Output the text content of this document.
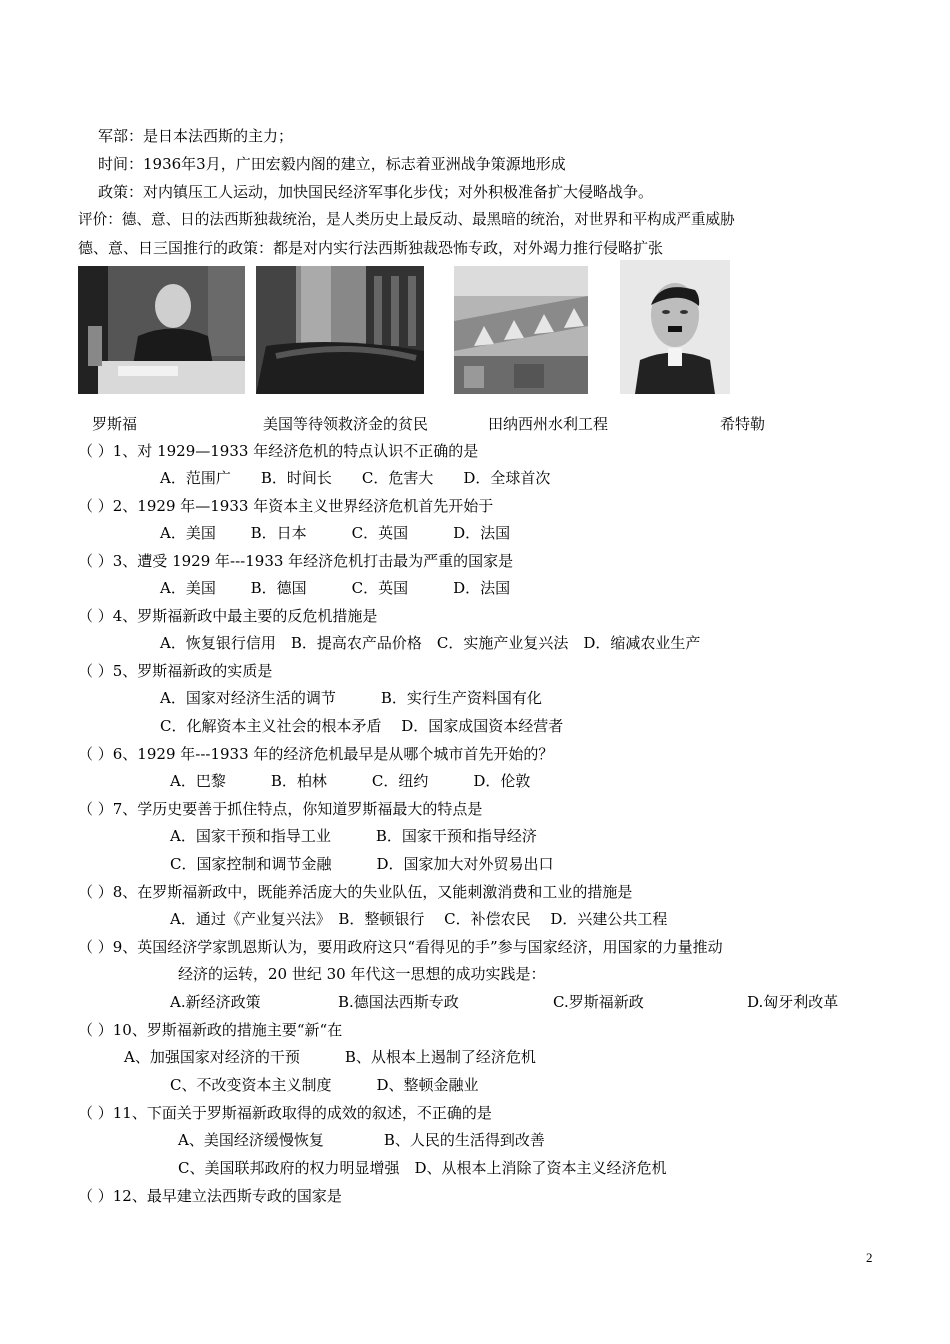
军部：是日本法西斯的主力；
时间：1936年3月，广田宏毅内阁的建立，标志着亚洲战争策源地形成
政策：对内镇压工人运动，加快国民经济军事化步伐；对外积极准备扩大侵略战争。
评价：德、意、日的法西斯独裁统治，是人类历史上最反动、最黑暗的统治，对世界和平构成严重威胁
德、意、日三国推行的政策：都是对内实行法西斯独裁恐怖专政，对外竭力推行侵略扩张
罗斯福	美国等待领救济金的贫民	田纳西州水利工程	希特勒
（ ）1、对 1929—1933 年经济危机的特点认识不正确的是
A．范围广　　B．时间长　　C．危害大　　D．全球首次
（ ）2、1929 年—1933 年资本主义世界经济危机首先开始于
A．美国　　 B．日本　　　C．英国　　　D．法国
（ ）3、遭受 1929 年---1933 年经济危机打击最为严重的国家是
A．美国　　 B．德国　　　C．英国　　　D．法国
（ ）4、罗斯福新政中最主要的反危机措施是
A．恢复银行信用　B．提高农产品价格　C．实施产业复兴法　D．缩减农业生产
（ ）5、罗斯福新政的实质是
A．国家对经济生活的调节　　　B．实行生产资料国有化
C．化解资本主义社会的根本矛盾　 D．国家成国资本经营者
（ ）6、1929 年---1933 年的经济危机最早是从哪个城市首先开始的？
A．巴黎　　　B．柏林　　　C．纽约　　　D．伦敦
（ ）7、学历史要善于抓住特点，你知道罗斯福最大的特点是
A．国家干预和指导工业　　　B．国家干预和指导经济
C．国家控制和调节金融　　　D．国家加大对外贸易出口
（ ）8、在罗斯福新政中，既能养活庞大的失业队伍，又能刺激消费和工业的措施是
A．通过《产业复兴法》　B．整顿银行　 C．补偿农民　 D．兴建公共工程
（ ）9、英国经济学家凯恩斯认为，要用政府这只“看得见的手”参与国家经济，用国家的力量推动
经济的运转，20 世纪 30 年代这一思想的成功实践是：
A.新经济政策	B.德国法西斯专政	C.罗斯福新政	D.匈牙利改革
（ ）10、罗斯福新政的措施主要“新“在
A、加强国家对经济的干预　　　B、从根本上遏制了经济危机
C、不改变资本主义制度　　　D、整顿金融业
（ ）11、下面关于罗斯福新政取得的成效的叙述，不正确的是
A、美国经济缓慢恢复　　　　B、人民的生活得到改善
C、美国联邦政府的权力明显增强　D、从根本上消除了资本主义经济危机
（ ）12、最早建立法西斯专政的国家是
2
